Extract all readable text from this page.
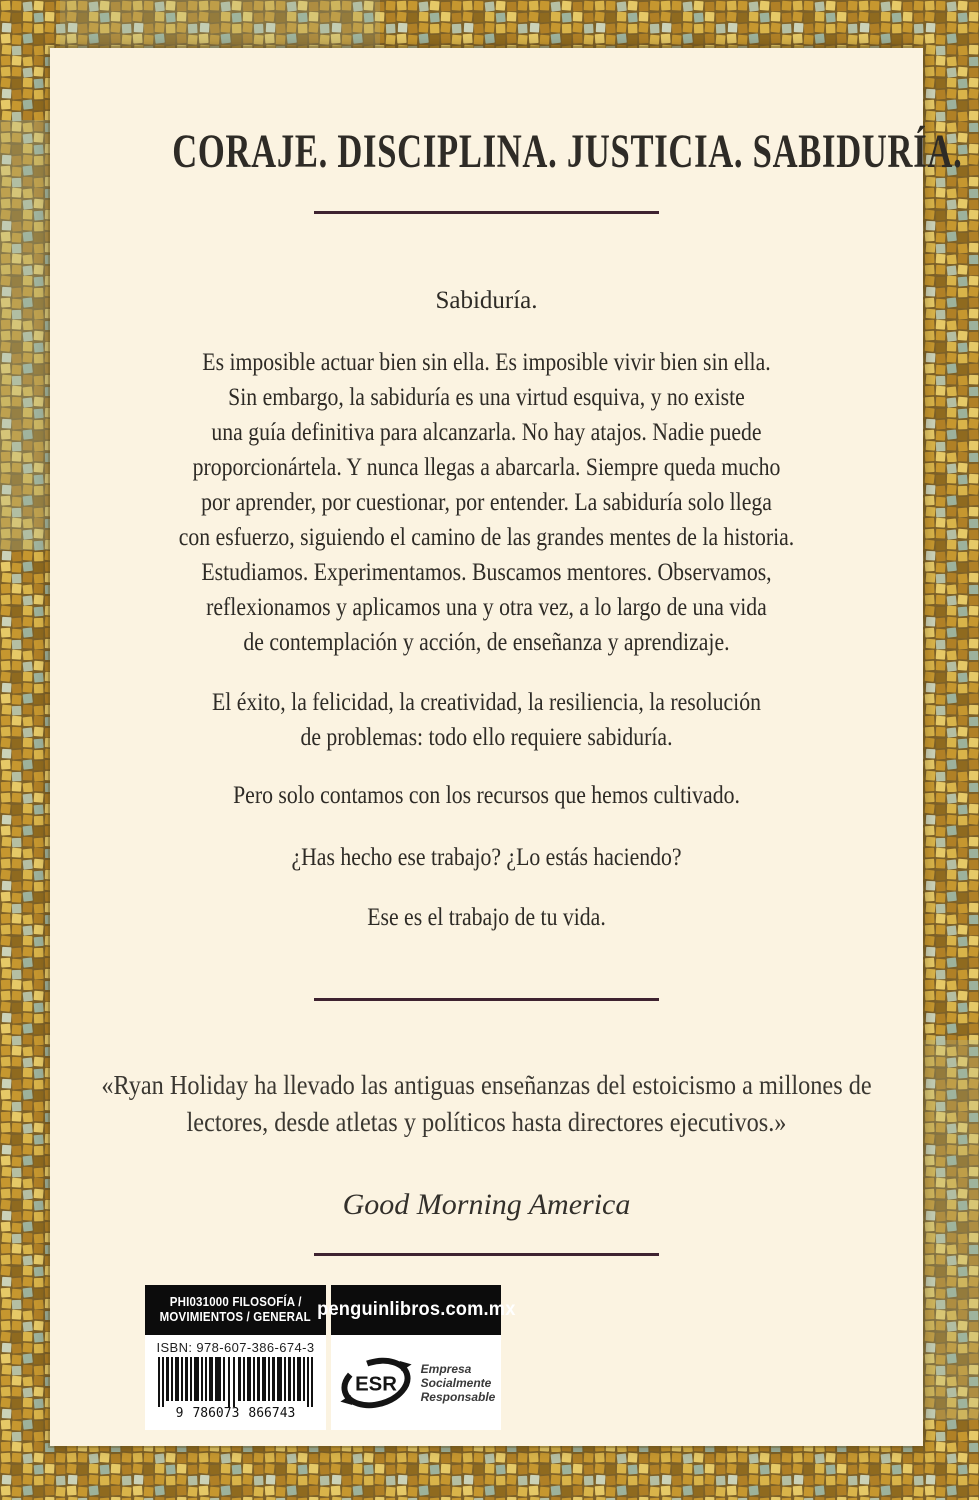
CORAJE. DISCIPLINA. JUSTICIA. SABIDURÍA.

Sabiduría.

Es imposible actuar bien sin ella. Es imposible vivir bien sin ella.
Sin embargo, la sabiduría es una virtud esquiva, y no existe
una guía definitiva para alcanzarla. No hay atajos. Nadie puede
proporcionártela. Y nunca llegas a abarcarla. Siempre queda mucho
por aprender, por cuestionar, por entender. La sabiduría solo llega
con esfuerzo, siguiendo el camino de las grandes mentes de la historia.
Estudiamos. Experimentamos. Buscamos mentores. Observamos,
reflexionamos y aplicamos una y otra vez, a lo largo de una vida
de contemplación y acción, de enseñanza y aprendizaje.

El éxito, la felicidad, la creatividad, la resiliencia, la resolución
de problemas: todo ello requiere sabiduría.

Pero solo contamos con los recursos que hemos cultivado.

¿Has hecho ese trabajo? ¿Lo estás haciendo?

Ese es el trabajo de tu vida.

«Ryan Holiday ha llevado las antiguas enseñanzas del estoicismo a millones de lectores, desde atletas y políticos hasta directores ejecutivos.»

Good Morning America

PHI031000 FILOSOFÍA /
MOVIMIENTOS / GENERAL
ISBN: 978-607-386-674-3
9 786073 866743
penguinlibros.com.mx
ESR
Empresa
Socialmente
Responsable
